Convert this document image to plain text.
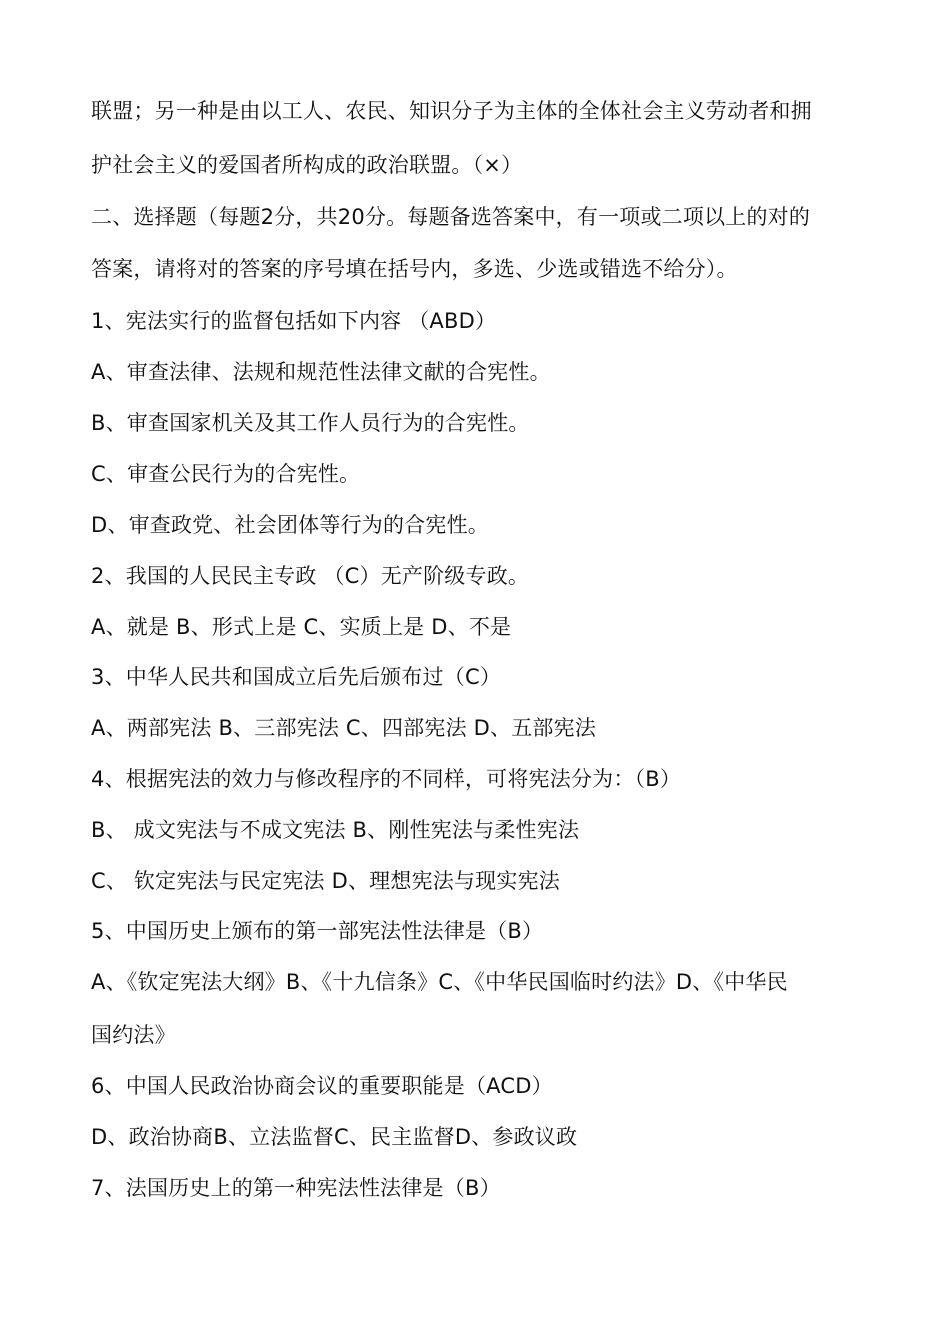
联盟；另一种是由以工人、农民、知识分子为主体的全体社会主义劳动者和拥
护社会主义的爱国者所构成的政治联盟。（×）
二、选择题（每题2分，共20分。每题备选答案中，有一项或二项以上的对的
答案，请将对的答案的序号填在括号内，多选、少选或错选不给分）。
1、宪法实行的监督包括如下内容 （ABD）
A、审查法律、法规和规范性法律文献的合宪性。
B、审查国家机关及其工作人员行为的合宪性。
C、审查公民行为的合宪性。
D、审查政党、社会团体等行为的合宪性。
2、我国的人民民主专政 （C）无产阶级专政。
A、就是 B、形式上是 C、实质上是 D、不是
3、中华人民共和国成立后先后颁布过（C）
A、两部宪法 B、三部宪法 C、四部宪法 D、五部宪法
4、根据宪法的效力与修改程序的不同样，可将宪法分为：（B）
B、 成文宪法与不成文宪法 B、刚性宪法与柔性宪法
C、 钦定宪法与民定宪法 D、理想宪法与现实宪法
5、中国历史上颁布的第一部宪法性法律是（B）
A、《钦定宪法大纲》B、《十九信条》C、《中华民国临时约法》D、《中华民
国约法》
6、中国人民政治协商会议的重要职能是（ACD）
D、政治协商B、立法监督C、民主监督D、参政议政
7、法国历史上的第一种宪法性法律是（B）
